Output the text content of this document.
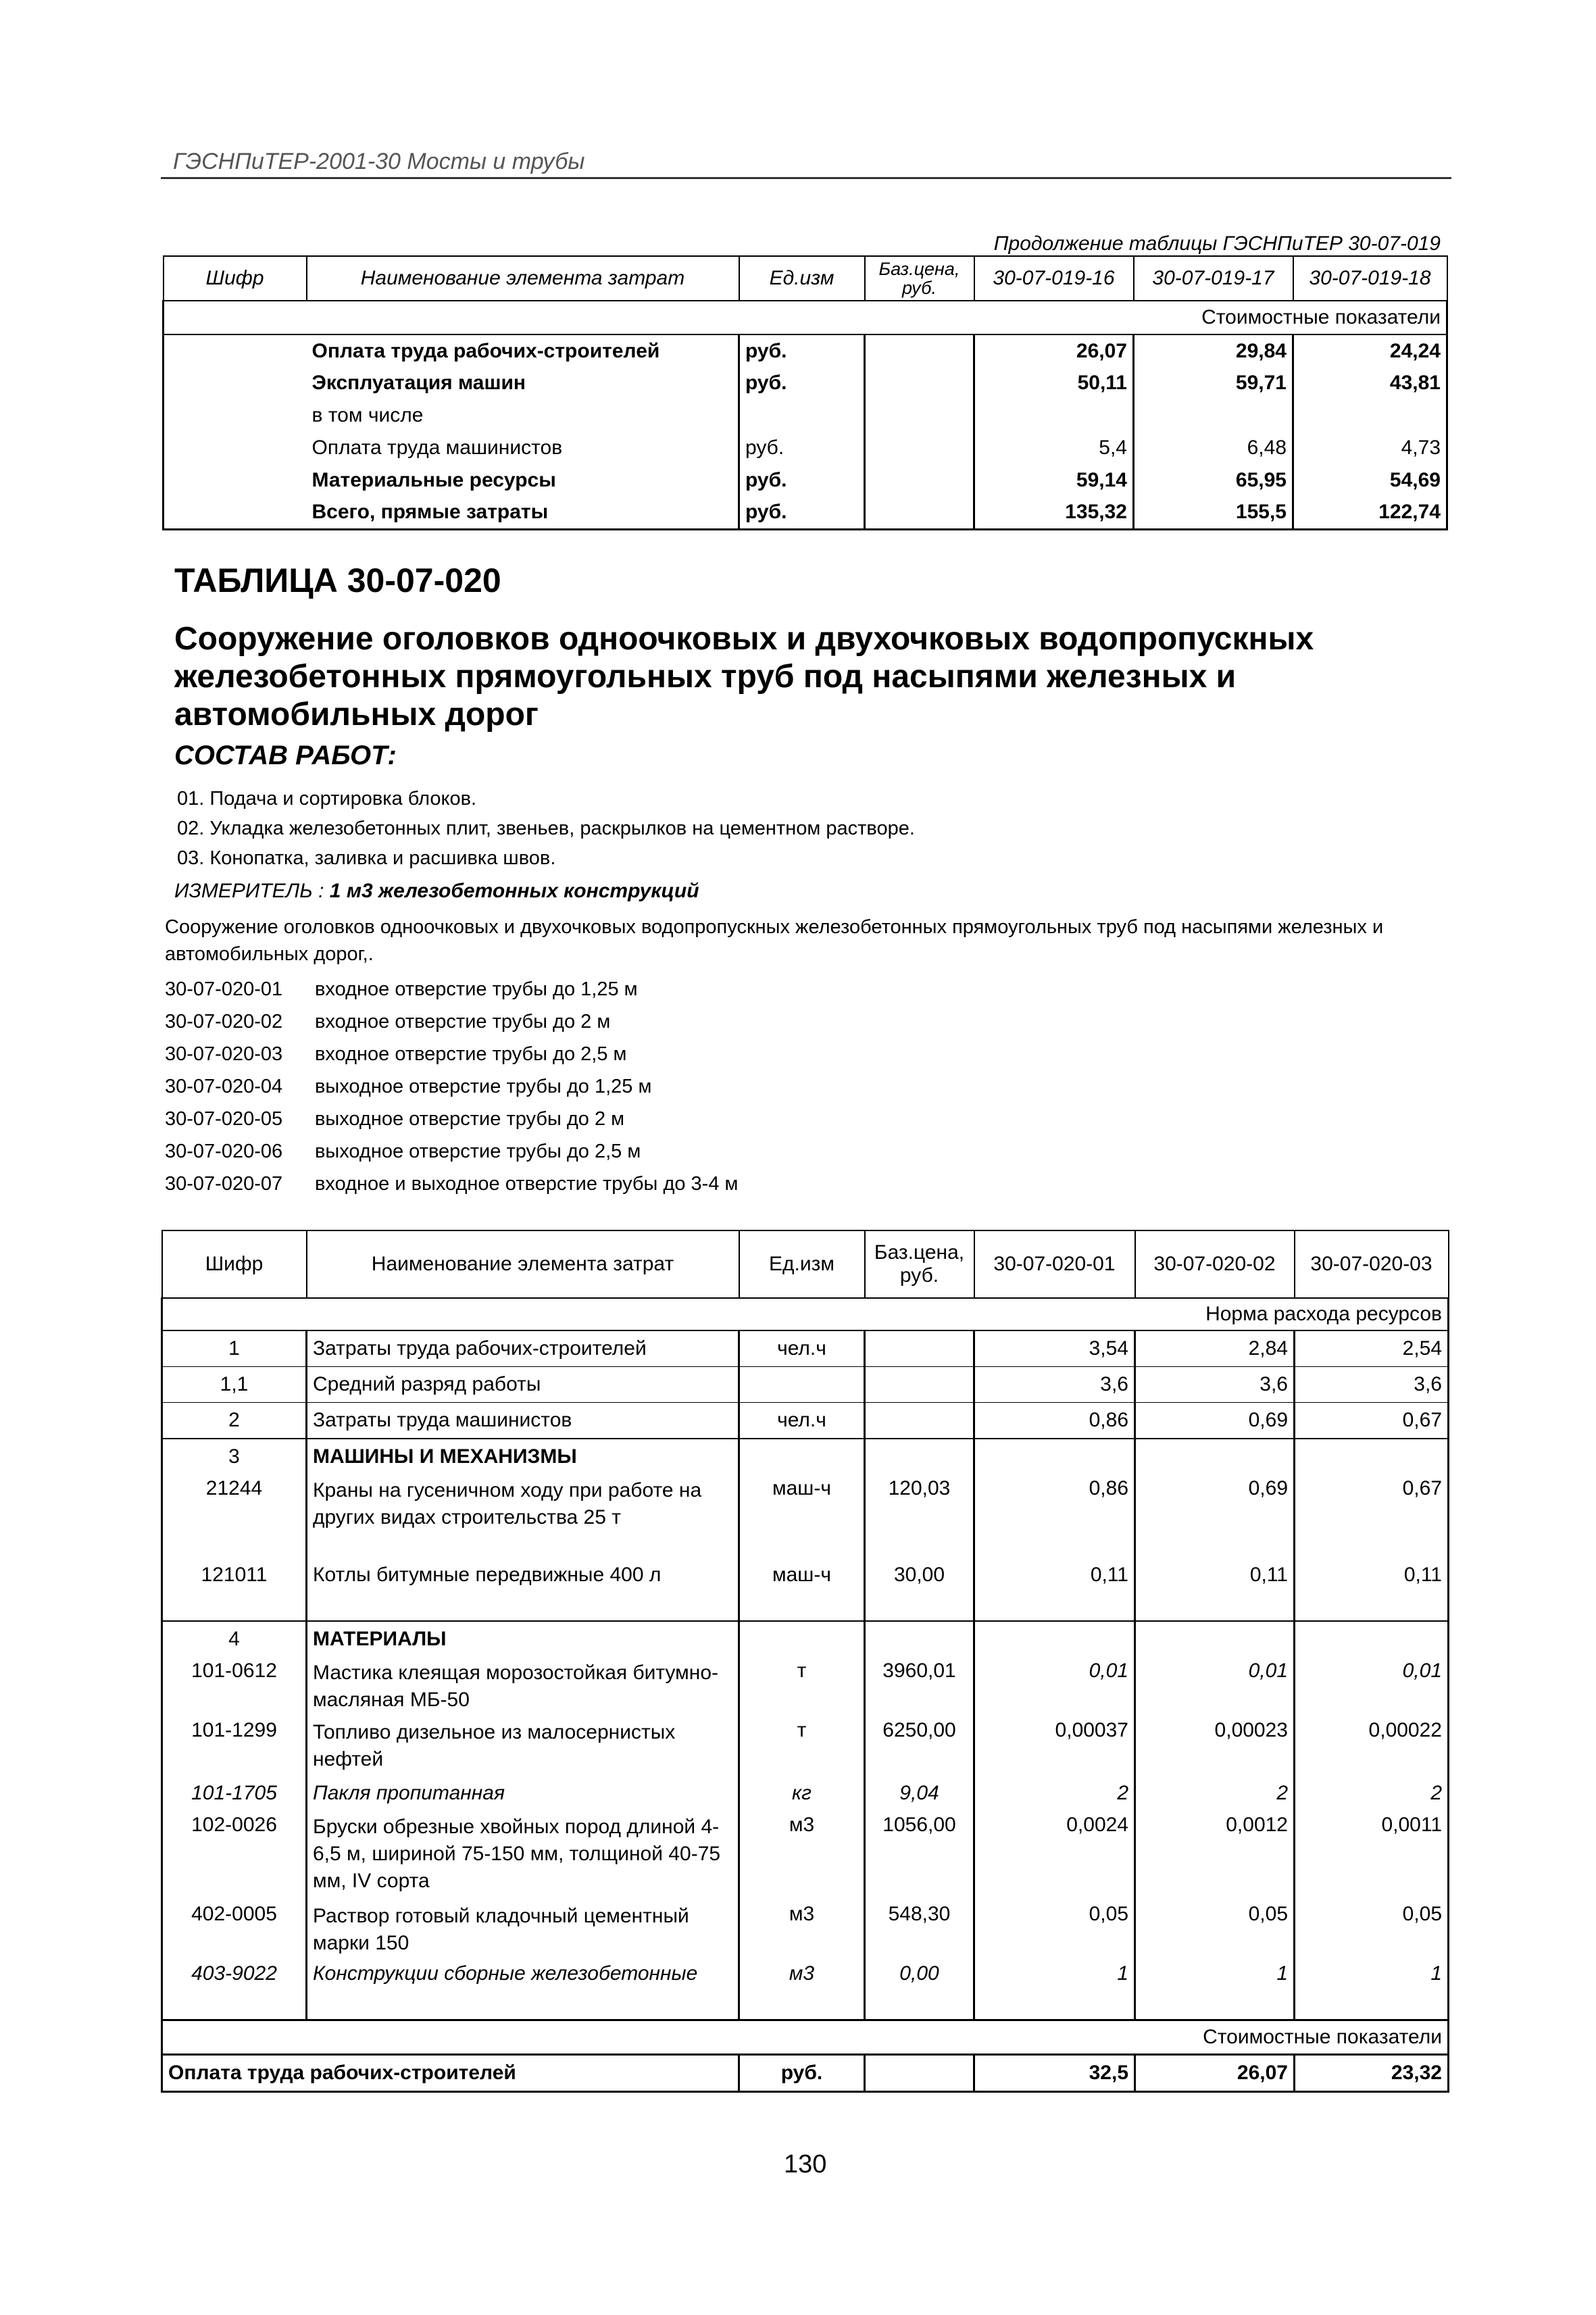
ГЭСНПиТЕР-2001-30 Мосты и трубы
Продолжение таблицы ГЭСНПиТЕР 30-07-019
Шифр	Наименование элемента затрат	Ед.изм	Баз.цена, руб.	30-07-019-16	30-07-019-17	30-07-019-18
Стоимостные показатели						
	Оплата труда рабочих-строителей	руб.		26,07	29,84	24,24
	Эксплуатация машин	руб.		50,11	59,71	43,81
	в том числе					
	Оплата труда машинистов	руб.		5,4	6,48	4,73
	Материальные ресурсы	руб.		59,14	65,95	54,69
	Всего, прямые затраты	руб.		135,32	155,5	122,74
ТАБЛИЦА 30-07-020
Сооружение оголовков одноочковых и двухочковых водопропускных железобетонных прямоугольных труб под насыпями железных и автомобильных дорог
СОСТАВ РАБОТ:
01. Подача и сортировка блоков.
02. Укладка железобетонных плит, звеньев, раскрылков на цементном растворе.
03. Конопатка, заливка и расшивка швов.
ИЗМЕРИТЕЛЬ : 1 м3 железобетонных конструкций
Сооружение оголовков одноочковых и двухочковых водопропускных железобетонных прямоугольных труб под насыпями железных и автомобильных дорог,.
30-07-020-01 входное отверстие трубы до 1,25 м
30-07-020-02 входное отверстие трубы до 2 м
30-07-020-03 входное отверстие трубы до 2,5 м
30-07-020-04 выходное отверстие трубы до 1,25 м
30-07-020-05 выходное отверстие трубы до 2 м
30-07-020-06 выходное отверстие трубы до 2,5 м
30-07-020-07 входное и выходное отверстие трубы до 3-4 м
Шифр	Наименование элемента затрат	Ед.изм	Баз.цена, руб.	30-07-020-01	30-07-020-02	30-07-020-03
Норма расхода ресурсов						
1	Затраты труда рабочих-строителей	чел.ч		3,54	2,84	2,54
1,1	Средний разряд работы			3,6	3,6	3,6
2	Затраты труда машинистов	чел.ч		0,86	0,69	0,67
3	МАШИНЫ И МЕХАНИЗМЫ					
21244	Краны на гусеничном ходу при работе на других видах строительства 25 т	маш-ч	120,03	0,86	0,69	0,67
121011	Котлы битумные передвижные 400 л	маш-ч	30,00	0,11	0,11	0,11
4	МАТЕРИАЛЫ					
101-0612	Мастика клеящая морозостойкая битумно-масляная МБ-50	т	3960,01	0,01	0,01	0,01
101-1299	Топливо дизельное из малосернистых нефтей	т	6250,00	0,00037	0,00023	0,00022
101-1705	Пакля пропитанная	кг	9,04	2	2	2
102-0026	Бруски обрезные хвойных пород длиной 4-6,5 м, шириной 75-150 мм, толщиной 40-75 мм, IV сорта	м3	1056,00	0,0024	0,0012	0,0011
402-0005	Раствор готовый кладочный цементный марки 150	м3	548,30	0,05	0,05	0,05
403-9022	Конструкции сборные железобетонные	м3	0,00	1	1	1
Стоимостные показатели						
Оплата труда рабочих-строителей		руб.		32,5	26,07	23,32
130
